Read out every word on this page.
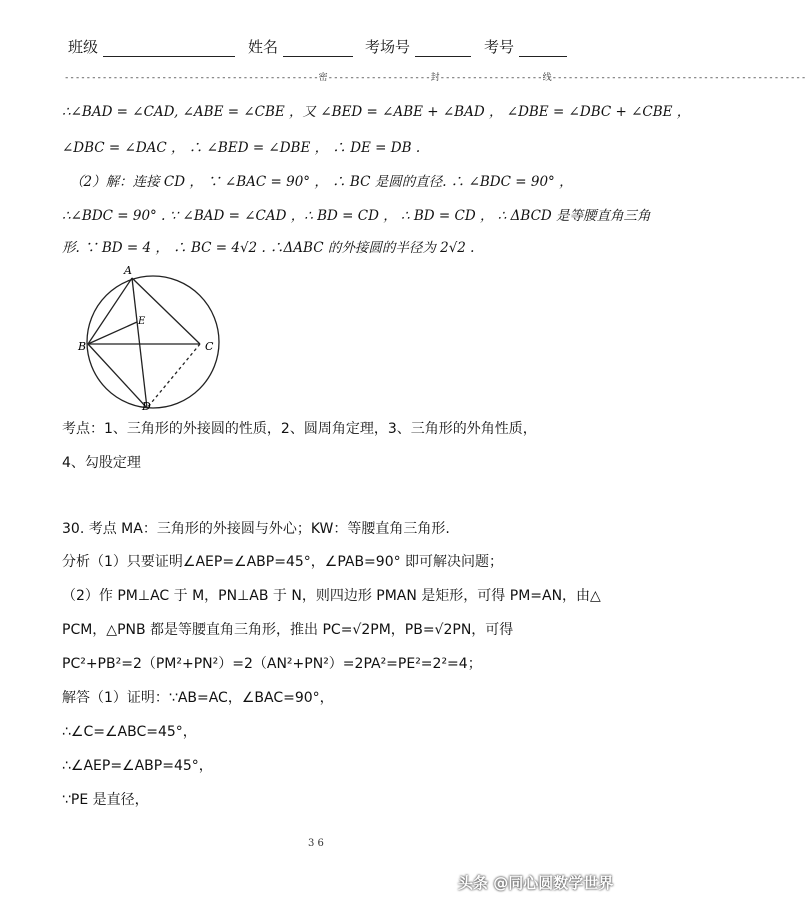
班级	姓名	考场号	考号
-----------------------------------------------密-------------------封-------------------线-----------------------------------------------
∴∠BAD = ∠CAD, ∠ABE = ∠CBE ，又 ∠BED = ∠ABE + ∠BAD ， ∠DBE = ∠DBC + ∠CBE ，
∠DBC = ∠DAC ， ∴ ∠BED = ∠DBE ， ∴ DE = DB .
（2）解：连接 CD ， ∵ ∠BAC = 90° ， ∴ BC 是圆的直径. ∴ ∠BDC = 90° ，
∴∠BDC = 90° . ∵ ∠BAD = ∠CAD ，∴ BD = CD ， ∴ BD = CD ， ∴ ΔBCD 是等腰直角三角
形. ∵ BD = 4 ， ∴ BC = 4√2 . ∴ΔABC 的外接圆的半径为 2√2 .
A
B	C
D
E
考点：1、三角形的外接圆的性质，2、圆周角定理，3、三角形的外角性质，
4、勾股定理
30. 考点 MA：三角形的外接圆与外心；KW：等腰直角三角形.
分析（1）只要证明∠AEP=∠ABP=45°，∠PAB=90° 即可解决问题；
（2）作 PM⊥AC 于 M，PN⊥AB 于 N，则四边形 PMAN 是矩形，可得 PM=AN，由△
PCM，△PNB 都是等腰直角三角形，推出 PC=√2PM，PB=√2PN，可得
PC²+PB²=2（PM²+PN²）=2（AN²+PN²）=2PA²=PE²=2²=4；
解答（1）证明：∵AB=AC，∠BAC=90°，
∴∠C=∠ABC=45°，
∴∠AEP=∠ABP=45°，
∵PE 是直径，
3 6
头条 @同心圆数学世界
